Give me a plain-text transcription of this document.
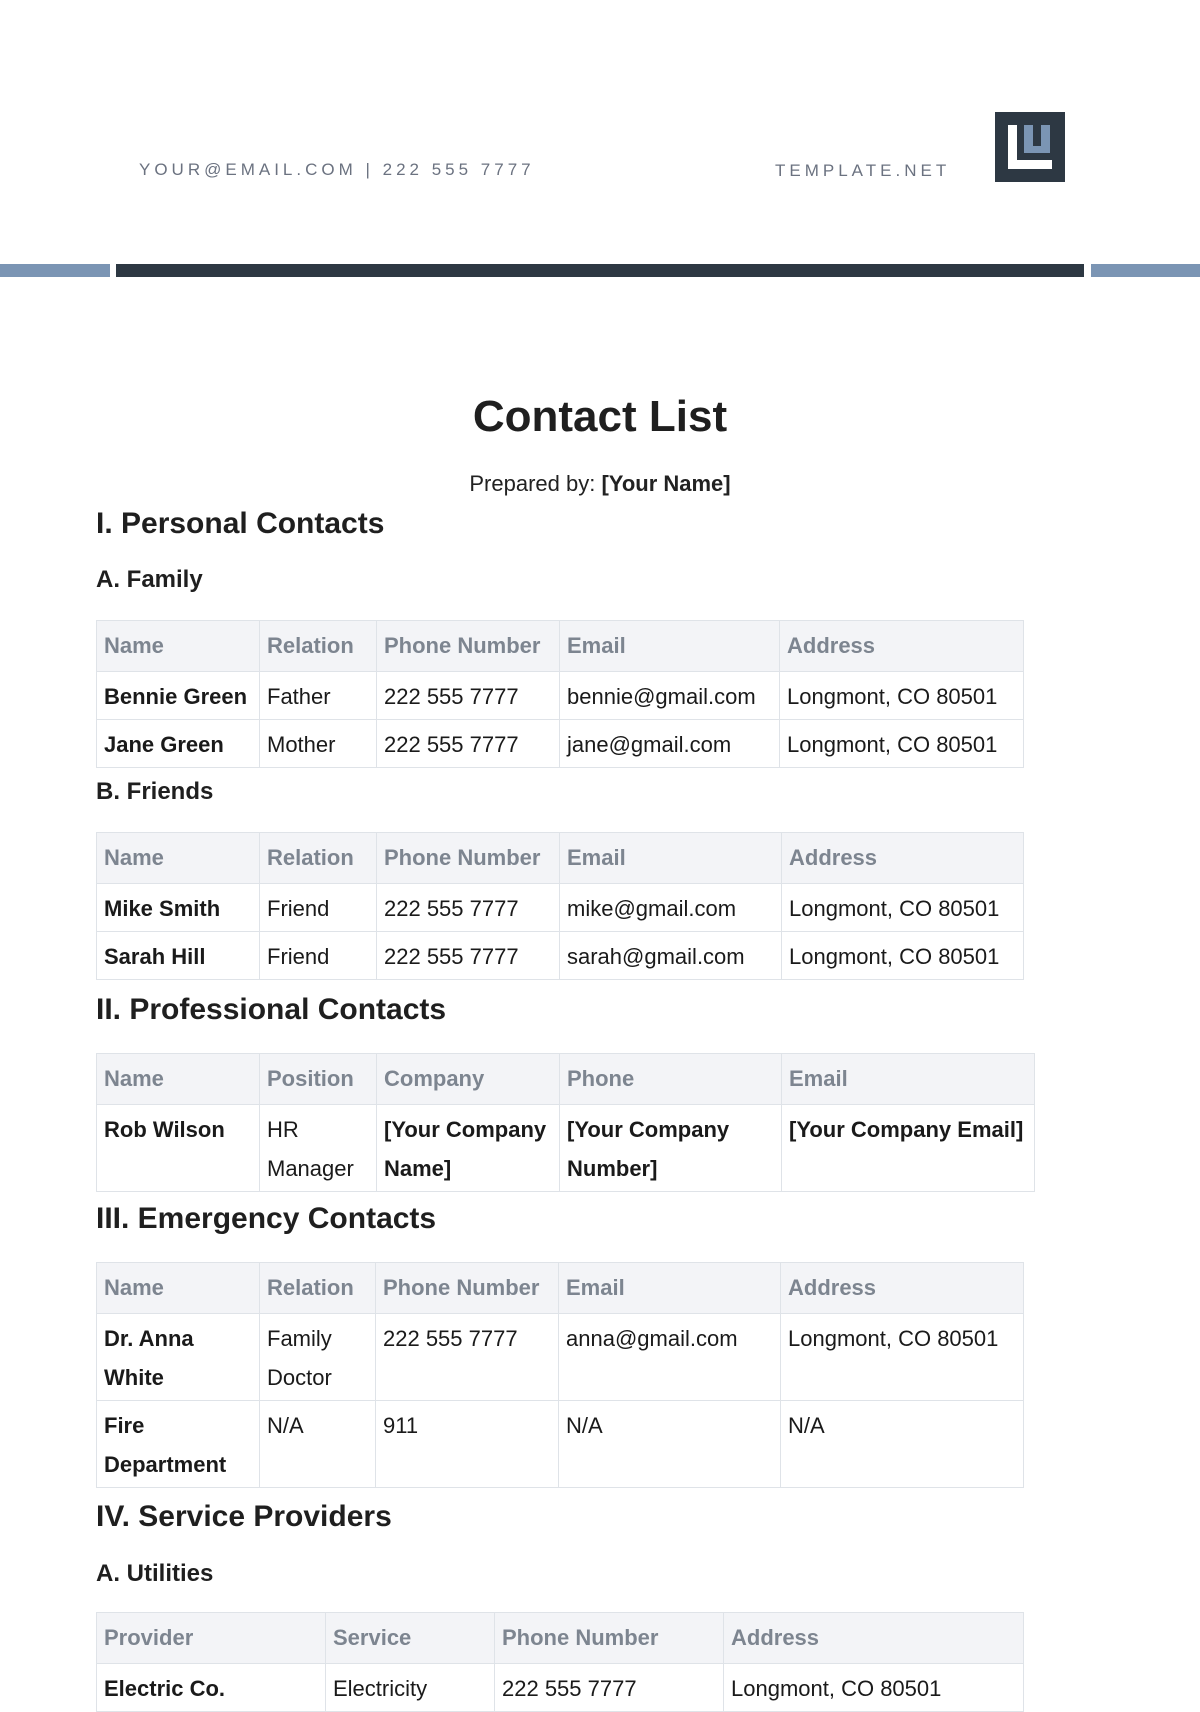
YOUR@EMAIL.COM | 222 555 7777	TEMPLATE.NET
Contact List
Prepared by: [Your Name]
I. Personal Contacts
A. Family
Name	Relation	Phone Number	Email	Address
Bennie Green	Father	222 555 7777	bennie@gmail.com	Longmont, CO 80501
Jane Green	Mother	222 555 7777	jane@gmail.com	Longmont, CO 80501
B. Friends
Name	Relation	Phone Number	Email	Address
Mike Smith	Friend	222 555 7777	mike@gmail.com	Longmont, CO 80501
Sarah Hill	Friend	222 555 7777	sarah@gmail.com	Longmont, CO 80501
II. Professional Contacts
Name	Position	Company	Phone	Email
Rob Wilson	HR Manager	[Your Company Name]	[Your Company Number]	[Your Company Email]
III. Emergency Contacts
Name	Relation	Phone Number	Email	Address
Dr. Anna White	Family Doctor	222 555 7777	anna@gmail.com	Longmont, CO 80501
Fire Department	N/A	911	N/A	N/A
IV. Service Providers
A. Utilities
Provider	Service	Phone Number	Address
Electric Co.	Electricity	222 555 7777	Longmont, CO 80501
